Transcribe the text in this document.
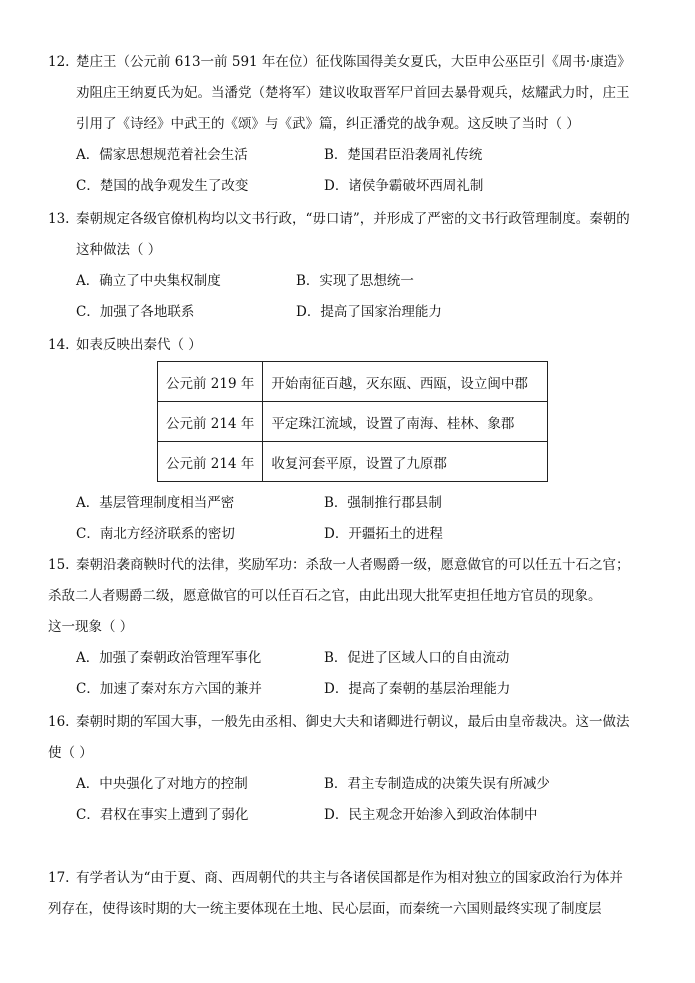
12. 楚庄王（公元前 613一前 591 年在位）征伐陈国得美女夏氏，大臣申公巫臣引《周书·康造》
劝阻庄王纳夏氏为妃。当潘党（楚将军）建议收取晋军尸首回去暴骨观兵，炫耀武力时，庄王
引用了《诗经》中武王的《颂》与《武》篇，纠正潘党的战争观。这反映了当时（ ）
A．儒家思想规范着社会生活	B．楚国君臣沿袭周礼传统
C．楚国的战争观发生了改变	D．诸侯争霸破坏西周礼制
13. 秦朝规定各级官僚机构均以文书行政，“毋口请”，并形成了严密的文书行政管理制度。秦朝的
这种做法（ ）
A．确立了中央集权制度	B．实现了思想统一
C．加强了各地联系	D．提高了国家治理能力
14. 如表反映出秦代（ ）
公元前 219 年	开始南征百越，灭东瓯、西瓯，设立闽中郡
公元前 214 年	平定珠江流域，设置了南海、桂林、象郡
公元前 214 年	收复河套平原，设置了九原郡
A．基层管理制度相当严密	B．强制推行郡县制
C．南北方经济联系的密切	D．开疆拓土的进程
15. 秦朝沿袭商鞅时代的法律，奖励军功：杀敌一人者赐爵一级，愿意做官的可以任五十石之官；
杀敌二人者赐爵二级，愿意做官的可以任百石之官，由此出现大批军吏担任地方官员的现象。
这一现象（ ）
A．加强了秦朝政治管理军事化	B．促进了区域人口的自由流动
C．加速了秦对东方六国的兼并	D．提高了秦朝的基层治理能力
16. 秦朝时期的军国大事，一般先由丞相、御史大夫和诸卿进行朝议，最后由皇帝裁决。这一做法
使（ ）
A．中央强化了对地方的控制	B．君主专制造成的决策失误有所减少
C．君权在事实上遭到了弱化	D．民主观念开始渗入到政治体制中
17. 有学者认为“由于夏、商、西周朝代的共主与各诸侯国都是作为相对独立的国家政治行为体并
列存在，使得该时期的大一统主要体现在土地、民心层面，而秦统一六国则最终实现了制度层
